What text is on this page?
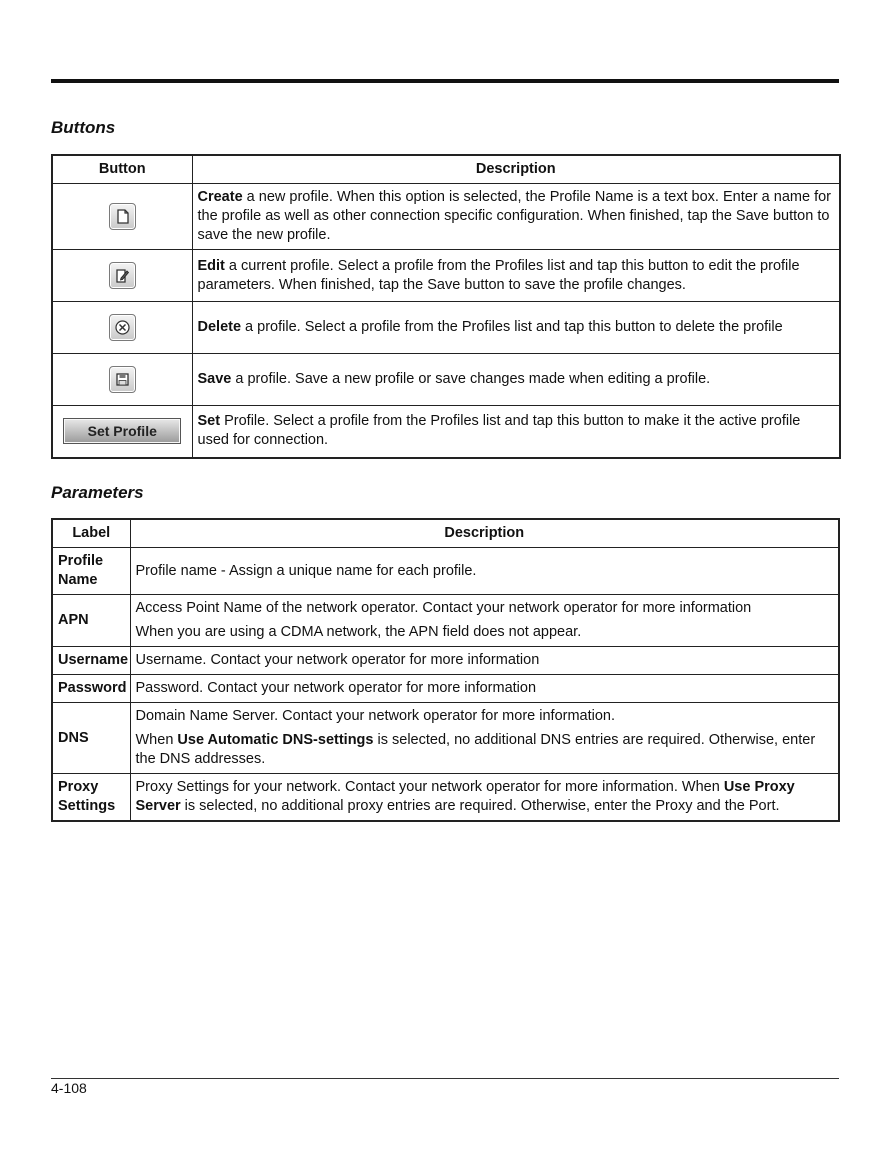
Buttons
Button	Description

	Create a new profile. When this option is selected, the Profile Name is a text box. Enter a name for the profile as well as other connection specific configuration. When finished, tap the Save button to save the new profile.

	Edit a current profile. Select a profile from the Profiles list and tap this button to edit the profile parameters. When finished, tap the Save button to save the profile changes.

	Delete a profile. Select a profile from the Profiles list and tap this button to delete the profile

	Save a profile. Save a new profile or save changes made when editing a profile.
Set Profile	Set Profile. Select a profile from the Profiles list and tap this button to make it the active profile used for connection.
Parameters
Label	Description
Profile Name	Profile name - Assign a unique name for each profile.

APN	Access Point Name of the network operator. Contact your network operator for more information

When you are using a CDMA network, the APN field does not appear.

Username	Username. Contact your network operator for more information

Password	Password. Contact your network operator for more information

DNS	Domain Name Server. Contact your network operator for more information.

When Use Automatic DNS-settings is selected, no additional DNS entries are required. Otherwise, enter the DNS addresses.

Proxy Settings	Proxy Settings for your network. Contact your network operator for more information. When Use Proxy Server is selected, no additional proxy entries are required. Otherwise, enter the Proxy and the Port.
4-108
